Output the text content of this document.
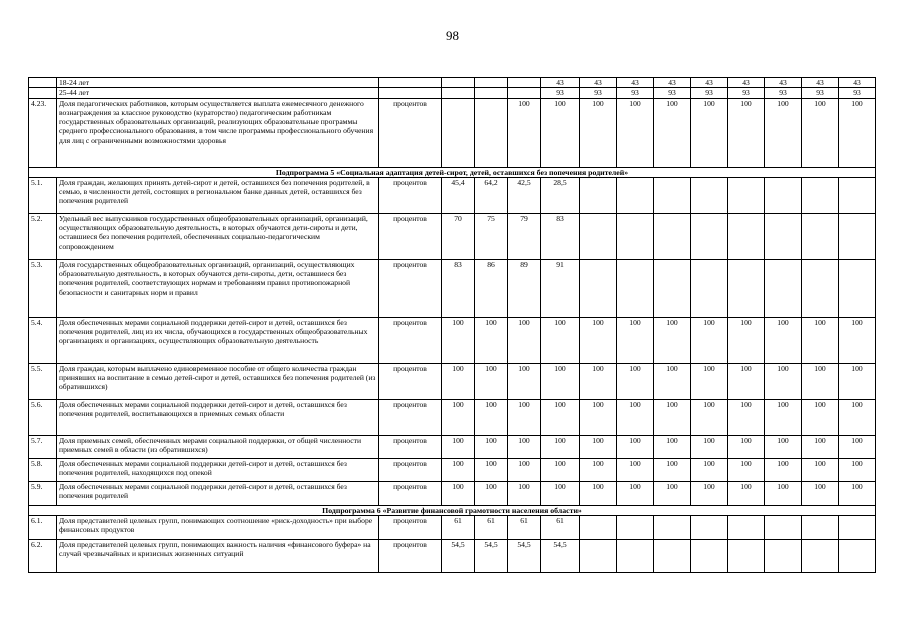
98
	18-24 лет					43	43	43	43	43	43	43	43	43	
	25-44 лет					93	93	93	93	93	93	93	93	93	
4.23.	Доля педагогических работников, которым осуществляется выплата ежемесячного денежного вознаграждения за классное руководство (кураторство) педагогическим работникам государственных образовательных организаций, реализующих образовательные программы среднего профессионального образования, в том числе программы профессионального обучения для лиц с ограниченными возможностями здоровья	процентов			100	100	100	100	100	100	100	100	100	100	
Подпрограмма 5 «Социальная адаптация детей-сирот, детей, оставшихся без попечения родителей»															
5.1.	Доля граждан, желающих принять детей-сирот и детей, оставшихся без попечения родителей, в семью, в численности детей, состоящих в региональном банке данных детей, оставшихся без попечения родителей	процентов	45,4	64,2	42,5	28,5									
5.2.	Удельный вес выпускников государственных общеобразовательных организаций, организаций, осуществляющих образовательную деятельность, в которых обучаются дети-сироты и дети, оставшиеся без попечения родителей, обеспеченных социально-педагогическим сопровождением	процентов	70	75	79	83									
5.3.	Доля государственных общеобразовательных организаций, организаций, осуществляющих образовательную деятельность, в которых обучаются дети-сироты, дети, оставшиеся без попечения родителей, соответствующих нормам и требованиям правил противопожарной безопасности и санитарных норм и правил	процентов	83	86	89	91									
5.4.	Доля обеспеченных мерами социальной поддержки детей-сирот и детей, оставшихся без попечения родителей, лиц из их числа, обучающихся в государственных общеобразовательных организациях и организациях, осуществляющих образовательную деятельность	процентов	100	100	100	100	100	100	100	100	100	100	100	100	
5.5.	Доля граждан, которым выплачено единовременное пособие от общего количества граждан принявших на воспитание в семью детей-сирот и детей, оставшихся без попечения родителей (из обратившихся)	процентов	100	100	100	100	100	100	100	100	100	100	100	100	
5.6.	Доля обеспеченных мерами социальной поддержки детей-сирот и детей, оставшихся без попечения родителей, воспитывающихся в приемных семьях области	процентов	100	100	100	100	100	100	100	100	100	100	100	100	
5.7.	Доля приемных семей, обеспеченных мерами социальной поддержки, от общей численности приемных семей в области (из обратившихся)	процентов	100	100	100	100	100	100	100	100	100	100	100	100	
5.8.	Доля обеспеченных мерами социальной поддержки детей-сирот и детей, оставшихся без попечения родителей, находящихся под опекой	процентов	100	100	100	100	100	100	100	100	100	100	100	100	
5.9.	Доля обеспеченных мерами социальной поддержки детей-сирот и детей, оставшихся без попечения родителей	процентов	100	100	100	100	100	100	100	100	100	100	100	100	
Подпрограмма 6 «Развитие финансовой грамотности населения области»															
6.1.	Доля представителей целевых групп, понимающих соотношение «риск-доходность» при выборе финансовых продуктов	процентов	61	61	61	61									
6.2.	Доля представителей целевых групп, понимающих важность наличия «финансового буфера» на случай чрезвычайных и кризисных жизненных ситуаций	процентов	54,5	54,5	54,5	54,5									
